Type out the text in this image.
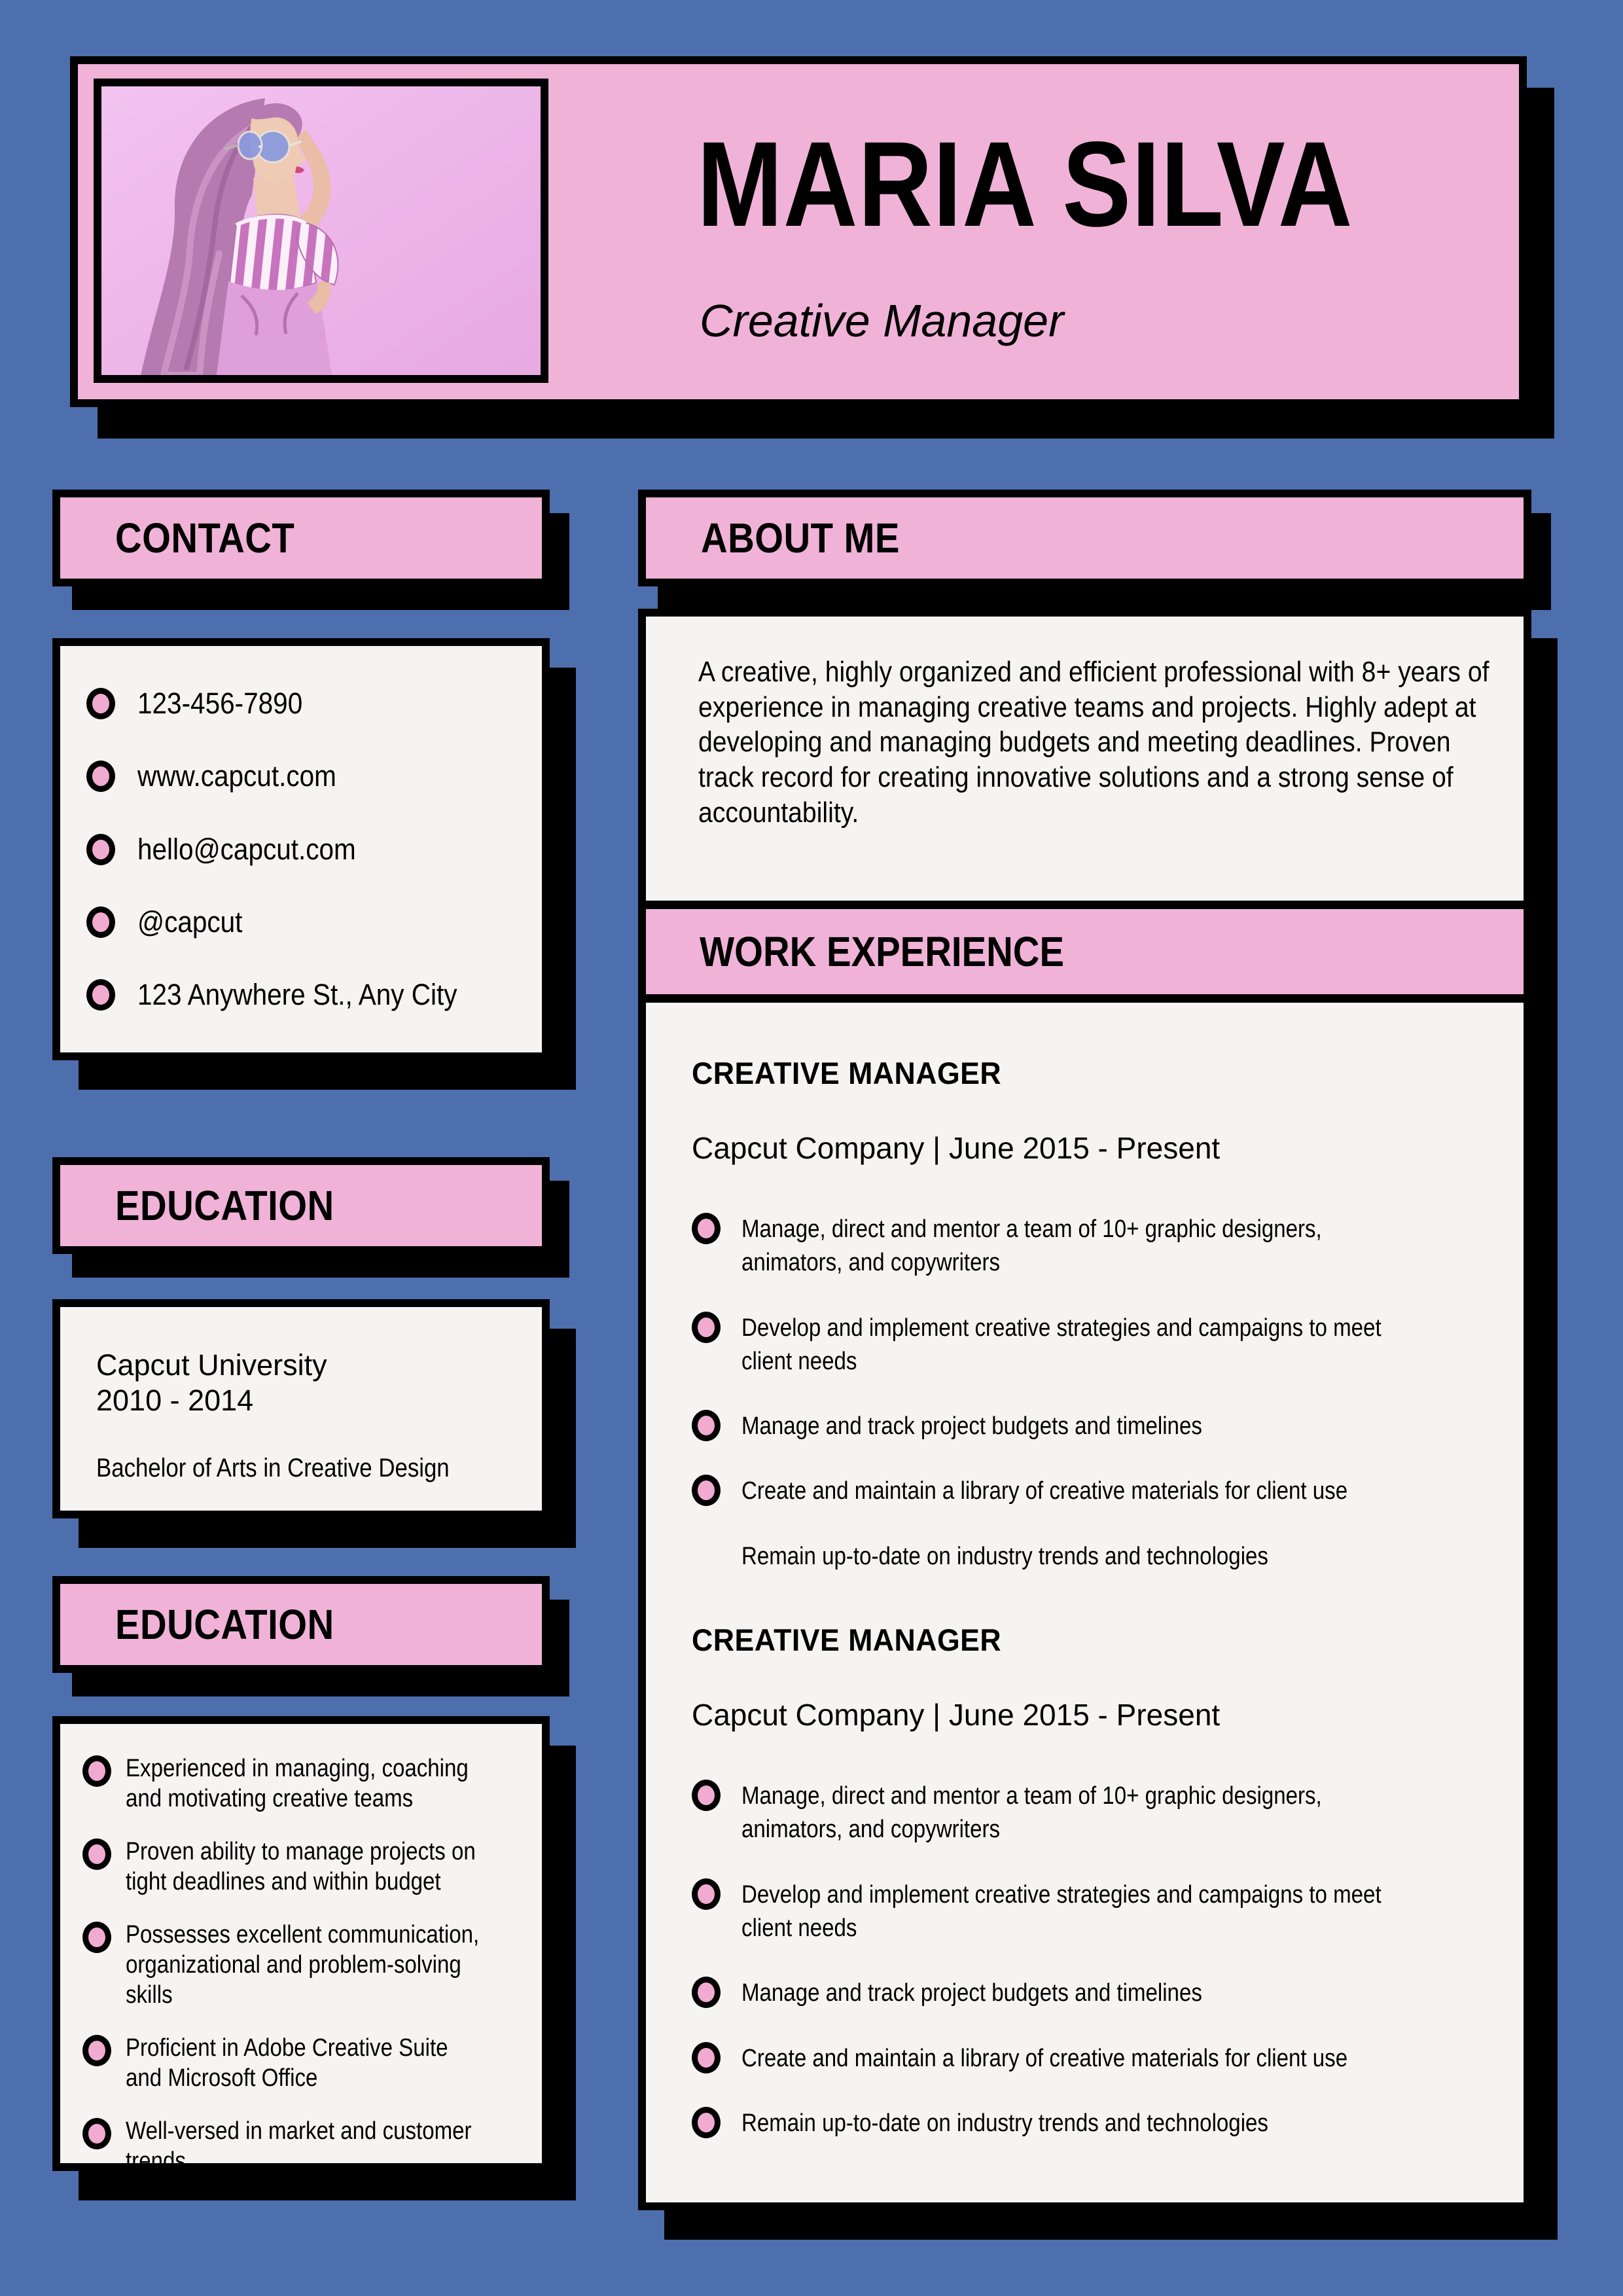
MARIA SILVA
Creative Manager
CONTACT
123-456-7890
www.capcut.com
hello@capcut.com
@capcut
123 Anywhere St., Any City
EDUCATION
Capcut University
2010 - 2014
Bachelor of Arts in Creative Design
EDUCATION
Experienced in managing, coaching and motivating creative teams
Proven ability to manage projects on tight deadlines and within budget
Possesses excellent communication, organizational and problem-solving skills
Proficient in Adobe Creative Suite and Microsoft Office
Well-versed in market and customer trends
ABOUT ME
A creative, highly organized and efficient professional with 8+ years of experience in managing creative teams and projects. Highly adept at developing and managing budgets and meeting deadlines. Proven track record for creating innovative solutions and a strong sense of accountability.
WORK EXPERIENCE
CREATIVE MANAGER
Capcut Company | June 2015 - Present
Manage, direct and mentor a team of 10+ graphic designers, animators, and copywriters
Develop and implement creative strategies and campaigns to meet client needs
Manage and track project budgets and timelines
Create and maintain a library of creative materials for client use
Remain up-to-date on industry trends and technologies
CREATIVE MANAGER
Capcut Company | June 2015 - Present
Manage, direct and mentor a team of 10+ graphic designers, animators, and copywriters
Develop and implement creative strategies and campaigns to meet client needs
Manage and track project budgets and timelines
Create and maintain a library of creative materials for client use
Remain up-to-date on industry trends and technologies
